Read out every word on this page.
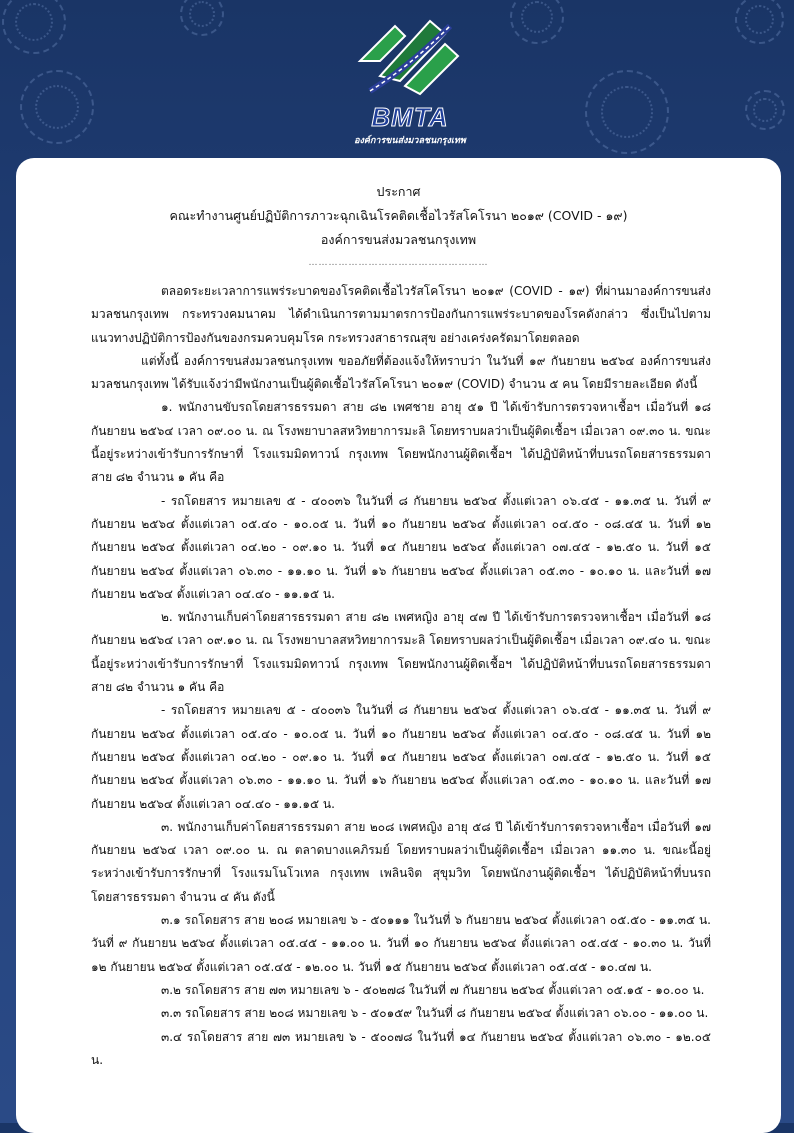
BMTA
องค์การขนส่งมวลชนกรุงเทพ
ประกาศ
คณะทำงานศูนย์ปฏิบัติการภาวะฉุกเฉินโรคติดเชื้อไวรัสโคโรนา ๒๐๑๙ (COVID - ๑๙)
องค์การขนส่งมวลชนกรุงเทพ
………………………………………………

ตลอดระยะเวลาการแพร่ระบาดของโรคติดเชื้อไวรัสโคโรนา ๒๐๑๙ (COVID - ๑๙) ที่ผ่านมาองค์การขนส่งมวลชนกรุงเทพ กระทรวงคมนาคม ได้ดำเนินการตามมาตรการป้องกันการแพร่ระบาดของโรคดังกล่าว ซึ่งเป็นไปตามแนวทางปฏิบัติการป้องกันของกรมควบคุมโรค กระทรวงสาธารณสุข อย่างเคร่งครัดมาโดยตลอด

แต่ทั้งนี้ องค์การขนส่งมวลชนกรุงเทพ ขออภัยที่ต้องแจ้งให้ทราบว่า ในวันที่ ๑๙ กันยายน ๒๕๖๔ องค์การขนส่งมวลชนกรุงเทพ ได้รับแจ้งว่ามีพนักงานเป็นผู้ติดเชื้อไวรัสโคโรนา ๒๐๑๙ (COVID) จำนวน ๕ คน โดยมีรายละเอียด ดังนี้

๑. พนักงานขับรถโดยสารธรรมดา สาย ๘๒ เพศชาย อายุ ๕๑ ปี ได้เข้ารับการตรวจหาเชื้อฯ เมื่อวันที่ ๑๘ กันยายน ๒๕๖๔ เวลา ๐๙.๐๐ น. ณ โรงพยาบาลสหวิทยาการมะลิ โดยทราบผลว่าเป็นผู้ติดเชื้อฯ เมื่อเวลา ๐๙.๓๐ น. ขณะนี้อยู่ระหว่างเข้ารับการรักษาที่ โรงแรมมิดทาวน์ กรุงเทพ โดยพนักงานผู้ติดเชื้อฯ ได้ปฏิบัติหน้าที่บนรถโดยสารธรรมดา สาย ๘๒ จำนวน ๑ คัน คือ

- รถโดยสาร หมายเลข ๕ - ๔๐๐๓๖ ในวันที่ ๘ กันยายน ๒๕๖๔ ตั้งแต่เวลา ๐๖.๔๕ - ๑๑.๓๕ น. วันที่ ๙ กันยายน ๒๕๖๔ ตั้งแต่เวลา ๐๕.๔๐ - ๑๐.๐๕ น. วันที่ ๑๐ กันยายน ๒๕๖๔ ตั้งแต่เวลา ๐๔.๕๐ - ๐๘.๔๕ น. วันที่ ๑๒ กันยายน ๒๕๖๔ ตั้งแต่เวลา ๐๔.๒๐ - ๐๙.๑๐ น. วันที่ ๑๔ กันยายน ๒๕๖๔ ตั้งแต่เวลา ๐๗.๔๕ - ๑๒.๕๐ น. วันที่ ๑๕ กันยายน ๒๕๖๔ ตั้งแต่เวลา ๐๖.๓๐ - ๑๑.๑๐ น. วันที่ ๑๖ กันยายน ๒๕๖๔ ตั้งแต่เวลา ๐๕.๓๐ - ๑๐.๑๐ น. และวันที่ ๑๗ กันยายน ๒๕๖๔ ตั้งแต่เวลา ๐๔.๔๐ - ๑๑.๑๕ น.

๒. พนักงานเก็บค่าโดยสารธรรมดา สาย ๘๒ เพศหญิง อายุ ๔๗ ปี ได้เข้ารับการตรวจหาเชื้อฯ เมื่อวันที่ ๑๘ กันยายน ๒๕๖๔ เวลา ๐๙.๑๐ น. ณ โรงพยาบาลสหวิทยาการมะลิ โดยทราบผลว่าเป็นผู้ติดเชื้อฯ เมื่อเวลา ๐๙.๔๐ น. ขณะนี้อยู่ระหว่างเข้ารับการรักษาที่ โรงแรมมิดทาวน์ กรุงเทพ โดยพนักงานผู้ติดเชื้อฯ ได้ปฏิบัติหน้าที่บนรถโดยสารธรรมดา สาย ๘๒ จำนวน ๑ คัน คือ

- รถโดยสาร หมายเลข ๕ - ๔๐๐๓๖ ในวันที่ ๘ กันยายน ๒๕๖๔ ตั้งแต่เวลา ๐๖.๔๕ - ๑๑.๓๕ น. วันที่ ๙ กันยายน ๒๕๖๔ ตั้งแต่เวลา ๐๕.๔๐ - ๑๐.๐๕ น. วันที่ ๑๐ กันยายน ๒๕๖๔ ตั้งแต่เวลา ๐๔.๕๐ - ๐๘.๔๕ น. วันที่ ๑๒ กันยายน ๒๕๖๔ ตั้งแต่เวลา ๐๔.๒๐ - ๐๙.๑๐ น. วันที่ ๑๔ กันยายน ๒๕๖๔ ตั้งแต่เวลา ๐๗.๔๕ - ๑๒.๕๐ น. วันที่ ๑๕ กันยายน ๒๕๖๔ ตั้งแต่เวลา ๐๖.๓๐ - ๑๑.๑๐ น. วันที่ ๑๖ กันยายน ๒๕๖๔ ตั้งแต่เวลา ๐๕.๓๐ - ๑๐.๑๐ น. และวันที่ ๑๗ กันยายน ๒๕๖๔ ตั้งแต่เวลา ๐๔.๔๐ - ๑๑.๑๕ น.

๓. พนักงานเก็บค่าโดยสารธรรมดา สาย ๒๐๘ เพศหญิง อายุ ๕๘ ปี ได้เข้ารับการตรวจหาเชื้อฯ เมื่อวันที่ ๑๗ กันยายน ๒๕๖๔ เวลา ๐๙.๐๐ น. ณ ตลาดบางแคภิรมย์ โดยทราบผลว่าเป็นผู้ติดเชื้อฯ เมื่อเวลา ๑๑.๓๐ น. ขณะนี้อยู่ระหว่างเข้ารับการรักษาที่ โรงแรมโนโวเทล กรุงเทพ เพลินจิต สุขุมวิท โดยพนักงานผู้ติดเชื้อฯ ได้ปฏิบัติหน้าที่บนรถโดยสารธรรมดา จำนวน ๔ คัน ดังนี้

๓.๑ รถโดยสาร สาย ๒๐๘ หมายเลข ๖ - ๕๐๑๑๑ ในวันที่ ๖ กันยายน ๒๕๖๔ ตั้งแต่เวลา ๐๕.๕๐ - ๑๑.๓๕ น. วันที่ ๙ กันยายน ๒๕๖๔ ตั้งแต่เวลา ๐๕.๔๕ - ๑๑.๐๐ น. วันที่ ๑๐ กันยายน ๒๕๖๔ ตั้งแต่เวลา ๐๕.๔๕ - ๑๐.๓๐ น. วันที่ ๑๒ กันยายน ๒๕๖๔ ตั้งแต่เวลา ๐๕.๔๕ - ๑๒.๐๐ น. วันที่ ๑๕ กันยายน ๒๕๖๔ ตั้งแต่เวลา ๐๕.๔๕ - ๑๐.๔๗ น.

๓.๒ รถโดยสาร สาย ๗๓ หมายเลข ๖ - ๕๐๒๗๘ ในวันที่ ๗ กันยายน ๒๕๖๔ ตั้งแต่เวลา ๐๕.๑๕ - ๑๐.๐๐ น.

๓.๓ รถโดยสาร สาย ๒๐๘ หมายเลข ๖ - ๕๐๑๕๙ ในวันที่ ๘ กันยายน ๒๕๖๔ ตั้งแต่เวลา ๐๖.๐๐ - ๑๑.๐๐ น.

๓.๔ รถโดยสาร สาย ๗๓ หมายเลข ๖ - ๕๐๐๗๘ ในวันที่ ๑๔ กันยายน ๒๕๖๔ ตั้งแต่เวลา ๐๖.๓๐ - ๑๒.๐๕ น.
